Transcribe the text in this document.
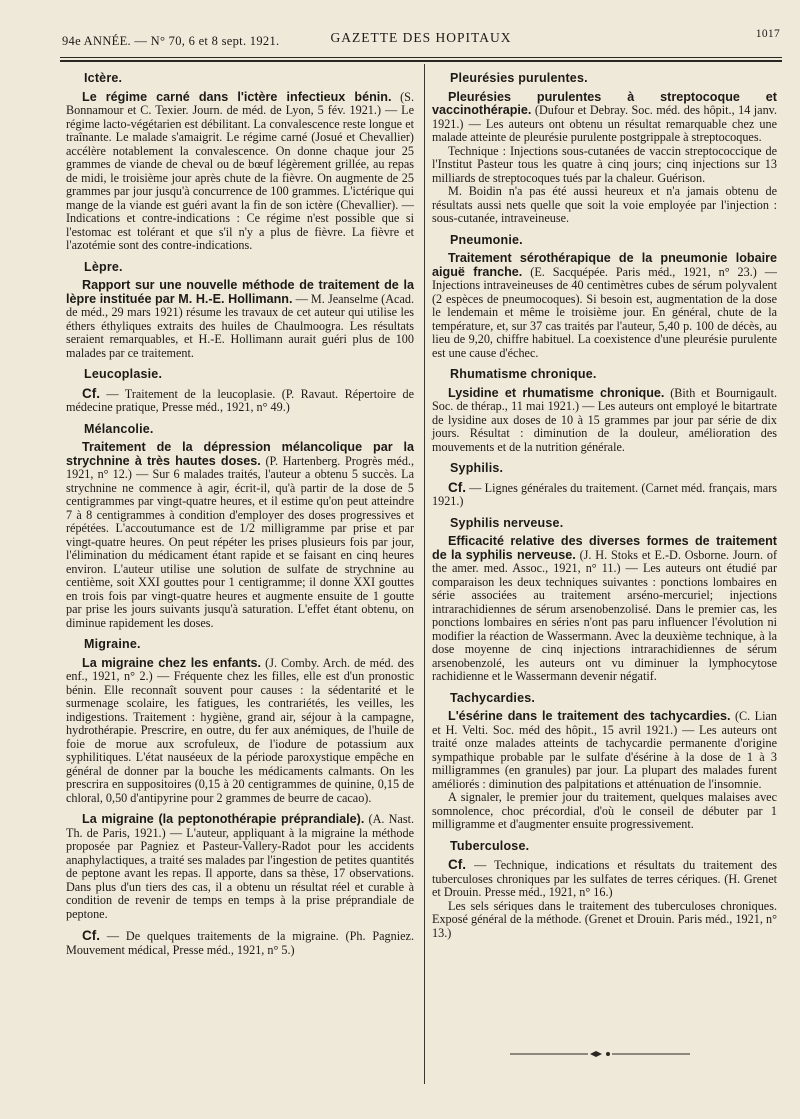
94e ANNÉE. — N° 70, 6 et 8 sept. 1921.	GAZETTE DES HOPITAUX	1017
Ictère.

Le régime carné dans l'ictère infectieux bénin. (S. Bonnamour et C. Texier. Journ. de méd. de Lyon, 5 fév. 1921.) — Le régime lacto-végétarien est débilitant. La convalescence reste longue et traînante. Le malade s'amaigrit. Le régime carné (Josué et Chevallier) accélère notablement la convalescence. On donne chaque jour 25 grammes de viande de cheval ou de bœuf légèrement grillée, au repas de midi, le troisième jour après chute de la fièvre. On augmente de 25 grammes par jour jusqu'à concurrence de 100 grammes. L'ictérique qui mange de la viande est guéri avant la fin de son ictère (Chevallier). — Indications et contre-indications : Ce régime n'est possible que si l'estomac est tolérant et que s'il n'y a plus de fièvre. La fièvre et l'azotémie sont des contre-indications.

Lèpre.

Rapport sur une nouvelle méthode de traitement de la lèpre instituée par M. H.-E. Hollimann. — M. Jeanselme (Acad. de méd., 29 mars 1921) résume les travaux de cet auteur qui utilise les éthers éthyliques extraits des huiles de Chaulmoogra. Les résultats seraient remarquables, et H.-E. Hollimann aurait guéri plus de 100 malades par ce traitement.

Leucoplasie.

Cf. — Traitement de la leucoplasie. (P. Ravaut. Répertoire de médecine pratique, Presse méd., 1921, n° 49.)

Mélancolie.

Traitement de la dépression mélancolique par la strychnine à très hautes doses. (P. Hartenberg. Progrès méd., 1921, n° 12.) — Sur 6 malades traités, l'auteur a obtenu 5 succès. La strychnine ne commence à agir, écrit-il, qu'à partir de la dose de 5 centigrammes par vingt-quatre heures, et il estime qu'on peut atteindre 7 à 8 centigrammes à condition d'employer des doses progressives et répétées. L'accoutumance est de 1/2 milligramme par prise et par vingt-quatre heures. On peut répéter les prises plusieurs fois par jour, l'élimination du médicament étant rapide et se faisant en cinq heures environ. L'auteur utilise une solution de sulfate de strychnine au centième, soit XXI gouttes pour 1 centigramme; il donne XXI gouttes en trois fois par vingt-quatre heures et augmente ensuite de 1 goutte par prise les jours suivants jusqu'à saturation. L'effet étant obtenu, on diminue rapidement les doses.

Migraine.

La migraine chez les enfants. (J. Comby. Arch. de méd. des enf., 1921, n° 2.) — Fréquente chez les filles, elle est d'un pronostic bénin. Elle reconnaît souvent pour causes : la sédentarité et le surmenage scolaire, les fatigues, les contrariétés, les veilles, les indigestions. Traitement : hygiène, grand air, séjour à la campagne, hydrothérapie. Prescrire, en outre, du fer aux anémiques, de l'huile de foie de morue aux scrofuleux, de l'iodure de potassium aux syphilitiques. L'état nauséeux de la période paroxystique empêche en général de donner par la bouche les médicaments calmants. On les prescrira en suppositoires (0,15 à 20 centigrammes de quinine, 0,15 de chloral, 0,50 d'antipyrine pour 2 grammes de beurre de cacao).

La migraine (la peptonothérapie préprandiale). (A. Nast. Th. de Paris, 1921.) — L'auteur, appliquant à la migraine la méthode proposée par Pagniez et Pasteur-Vallery-Radot pour les accidents anaphylactiques, a traité ses malades par l'ingestion de petites quantités de peptone avant les repas. Il apporte, dans sa thèse, 17 observations. Dans plus d'un tiers des cas, il a obtenu un résultat réel et curable à condition de revenir de temps en temps à la prise préprandiale de peptone.

Cf. — De quelques traitements de la migraine. (Ph. Pagniez. Mouvement médical, Presse méd., 1921, n° 5.)

Pleurésies purulentes.

Pleurésies purulentes à streptocoque et vaccinothérapie. (Dufour et Debray. Soc. méd. des hôpit., 14 janv. 1921.) — Les auteurs ont obtenu un résultat remarquable chez une malade atteinte de pleurésie purulente postgrippale à streptocoques.

Technique : Injections sous-cutanées de vaccin streptococcique de l'Institut Pasteur tous les quatre à cinq jours; cinq injections sur 13 milliards de streptocoques tués par la chaleur. Guérison.

M. Boidin n'a pas été aussi heureux et n'a jamais obtenu de résultats aussi nets quelle que soit la voie employée par l'injection : sous-cutanée, intraveineuse.

Pneumonie.

Traitement sérothérapique de la pneumonie lobaire aiguë franche. (E. Sacquépée. Paris méd., 1921, n° 23.) — Injections intraveineuses de 40 centimètres cubes de sérum polyvalent (2 espèces de pneumocoques). Si besoin est, augmentation de la dose le lendemain et même le troisième jour. En général, chute de la température, et, sur 37 cas traités par l'auteur, 5,40 p. 100 de décès, au lieu de 9,20, chiffre habituel. La coexistence d'une pleurésie purulente est une cause d'échec.

Rhumatisme chronique.

Lysidine et rhumatisme chronique. (Bith et Bournigault. Soc. de thérap., 11 mai 1921.) — Les auteurs ont employé le bitartrate de lysidine aux doses de 10 à 15 grammes par jour par série de dix jours. Résultat : diminution de la douleur, amélioration des mouvements et de la nutrition générale.

Syphilis.

Cf. — Lignes générales du traitement. (Carnet méd. français, mars 1921.)

Syphilis nerveuse.

Efficacité relative des diverses formes de traitement de la syphilis nerveuse. (J. H. Stoks et E.-D. Osborne. Journ. of the amer. med. Assoc., 1921, n° 11.) — Les auteurs ont étudié par comparaison les deux techniques suivantes : ponctions lombaires en série associées au traitement arséno-mercuriel; injections intrarachidiennes de sérum arsenobenzolisé. Dans le premier cas, les ponctions lombaires en séries n'ont pas paru influencer l'évolution ni modifier la réaction de Wassermann. Avec la deuxième technique, à la dose moyenne de cinq injections intrarachidiennes de sérum arsenobenzolé, les auteurs ont vu diminuer la lymphocytose rachidienne et le Wassermann devenir négatif.

Tachycardies.

L'ésérine dans le traitement des tachycardies. (C. Lian et H. Velti. Soc. méd des hôpit., 15 avril 1921.) — Les auteurs ont traité onze malades atteints de tachycardie permanente d'origine sympathique probable par le sulfate d'ésérine à la dose de 1 à 3 milligrammes (en granules) par jour. La plupart des malades furent améliorés : diminution des palpitations et atténuation de l'insomnie.

A signaler, le premier jour du traitement, quelques malaises avec somnolence, choc précordial, d'où le conseil de débuter par 1 milligramme et d'augmenter ensuite progressivement.

Tuberculose.

Cf. — Technique, indications et résultats du traitement des tuberculoses chroniques par les sulfates de terres cériques. (H. Grenet et Drouin. Presse méd., 1921, n° 16.)

Les sels sériques dans le traitement des tuberculoses chroniques. Exposé général de la méthode. (Grenet et Drouin. Paris méd., 1921, n° 13.)
